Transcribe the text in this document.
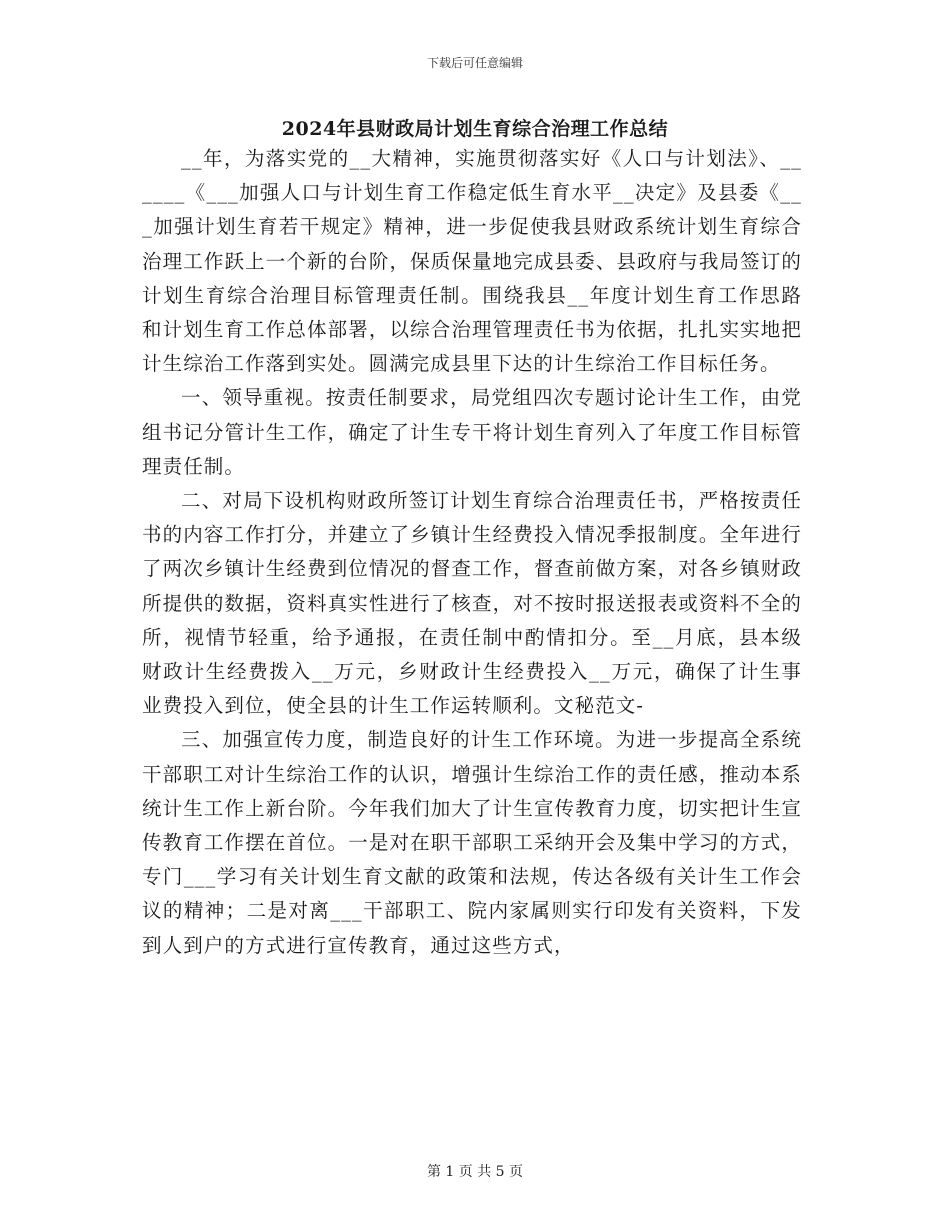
下载后可任意编辑
2024年县财政局计划生育综合治理工作总结

__年，为落实党的__大精神，实施贯彻落实好《人口与计划法》、______《___加强人口与计划生育工作稳定低生育水平__决定》及县委《___加强计划生育若干规定》精神，进一步促使我县财政系统计划生育综合治理工作跃上一个新的台阶，保质保量地完成县委、县政府与我局签订的计划生育综合治理目标管理责任制。围绕我县__年度计划生育工作思路和计划生育工作总体部署，以综合治理管理责任书为依据，扎扎实实地把计生综治工作落到实处。圆满完成县里下达的计生综治工作目标任务。

一、领导重视。按责任制要求，局党组四次专题讨论计生工作，由党组书记分管计生工作，确定了计生专干将计划生育列入了年度工作目标管理责任制。

二、对局下设机构财政所签订计划生育综合治理责任书，严格按责任书的内容工作打分，并建立了乡镇计生经费投入情况季报制度。全年进行了两次乡镇计生经费到位情况的督查工作，督查前做方案，对各乡镇财政所提供的数据，资料真实性进行了核查，对不按时报送报表或资料不全的所，视情节轻重，给予通报，在责任制中酌情扣分。至__月底，县本级财政计生经费拨入__万元，乡财政计生经费投入__万元，确保了计生事业费投入到位，使全县的计生工作运转顺利。文秘范文-

三、加强宣传力度，制造良好的计生工作环境。为进一步提高全系统干部职工对计生综治工作的认识，增强计生综治工作的责任感，推动本系统计生工作上新台阶。今年我们加大了计生宣传教育力度，切实把计生宣传教育工作摆在首位。一是对在职干部职工采纳开会及集中学习的方式，专门___学习有关计划生育文献的政策和法规，传达各级有关计生工作会议的精神；二是对离___干部职工、院内家属则实行印发有关资料，下发到人到户的方式进行宣传教育，通过这些方式，

第 1 页 共 5 页
